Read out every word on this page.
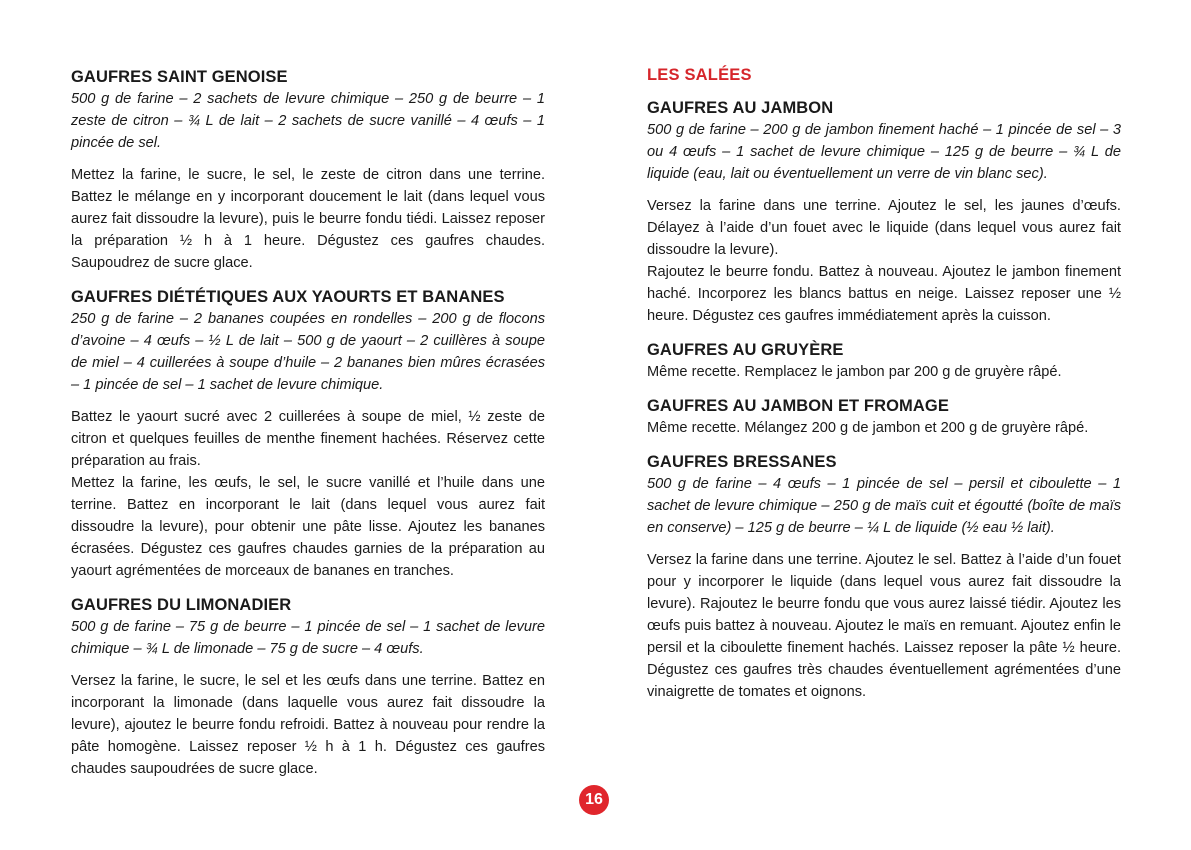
GAUFRES SAINT GENOISE

500 g de farine – 2 sachets de levure chimique – 250 g de beurre – 1 zeste de citron – ¾ L de lait – 2 sachets de sucre vanillé – 4 œufs – 1 pincée de sel.

Mettez la farine, le sucre, le sel, le zeste de citron dans une terrine. Battez le mélange en y incorporant doucement le lait (dans lequel vous aurez fait dissoudre la levure), puis le beurre fondu tiédi. Laissez reposer la préparation ½ h à 1 heure. Dégustez ces gaufres chaudes. Saupoudrez de sucre glace.

GAUFRES DIÉTÉTIQUES AUX YAOURTS ET BANANES

250 g de farine – 2 bananes coupées en rondelles – 200 g de flocons d’avoine – 4 œufs – ½ L de lait – 500 g de yaourt – 2 cuillères à soupe de miel – 4 cuillerées à soupe d’huile – 2 bananes bien mûres écrasées – 1 pincée de sel – 1 sachet de levure chimique.

Battez le yaourt sucré avec 2 cuillerées à soupe de miel, ½ zeste de citron et quelques feuilles de menthe finement hachées. Réservez cette préparation au frais.

Mettez la farine, les œufs, le sel, le sucre vanillé et l’huile dans une terrine. Battez en incorporant le lait (dans lequel vous aurez fait dissoudre la levure), pour obtenir une pâte lisse. Ajoutez les bananes écrasées. Dégustez ces gaufres chaudes garnies de la préparation au yaourt agrémentées de morceaux de bananes en tranches.

GAUFRES DU LIMONADIER

500 g de farine – 75 g de beurre – 1 pincée de sel – 1 sachet de levure chimique – ¾ L de limonade – 75 g de sucre – 4 œufs.

Versez la farine, le sucre, le sel et les œufs dans une terrine. Battez en incorporant la limonade (dans laquelle vous aurez fait dissoudre la levure), ajoutez le beurre fondu refroidi. Battez à nouveau pour rendre la pâte homogène. Laissez reposer ½ h à 1 h. Dégustez ces gaufres chaudes saupoudrées de sucre glace.

LES SALÉES
GAUFRES AU JAMBON

500 g de farine – 200 g de jambon finement haché – 1 pincée de sel – 3 ou 4 œufs – 1 sachet de levure chimique – 125 g de beurre – ¾ L de liquide (eau, lait ou éventuellement un verre de vin blanc sec).

Versez la farine dans une terrine. Ajoutez le sel, les jaunes d’œufs. Délayez à l’aide d’un fouet avec le liquide (dans lequel vous aurez fait dissoudre la levure).

Rajoutez le beurre fondu. Battez à nouveau. Ajoutez le jambon finement haché. Incorporez les blancs battus en neige. Laissez reposer une ½ heure. Dégustez ces gaufres immédiatement après la cuisson.

GAUFRES AU GRUYÈRE

Même recette. Remplacez le jambon par 200 g de gruyère râpé.

GAUFRES AU JAMBON ET FROMAGE

Même recette. Mélangez 200 g de jambon et 200 g de gruyère râpé.

GAUFRES BRESSANES

500 g de farine – 4 œufs – 1 pincée de sel – persil et ciboulette – 1 sachet de levure chimique – 250 g de maïs cuit et égoutté (boîte de maïs en conserve) – 125 g de beurre – ¼ L de liquide (½ eau ½ lait).

Versez la farine dans une terrine. Ajoutez le sel. Battez à l’aide d’un fouet pour y incorporer le liquide (dans lequel vous aurez fait dissoudre la levure). Rajoutez le beurre fondu que vous aurez laissé tiédir. Ajoutez les œufs puis battez à nouveau. Ajoutez le maïs en remuant. Ajoutez enfin le persil et la ciboulette finement hachés. Laissez reposer la pâte ½ heure. Dégustez ces gaufres très chaudes éventuellement agrémentées d’une vinaigrette de tomates et oignons.

16
